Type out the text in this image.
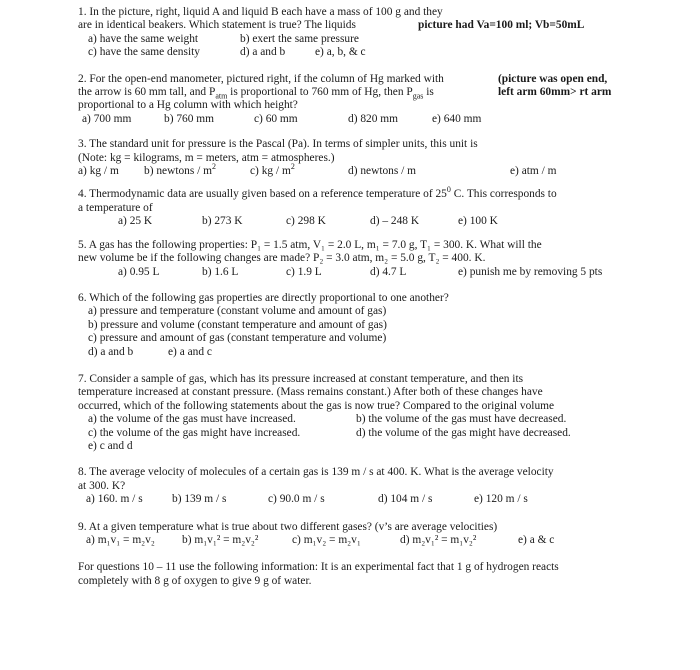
1. In the picture, right, liquid A and liquid B each have a mass of 100 g and they
are in identical beakers. Which statement is true? The liquids	picture had Va=100 ml; Vb=50mL
a) have the same weight	b) exert the same pressure
c) have the same density	d) a and b	e) a, b, & c
2. For the open-end manometer, pictured right, if the column of Hg marked with	(picture was open end,
the arrow is 60 mm tall, and $P_{atm}$ is proportional to 760 mm of Hg, then $P_{gas}$ is	left arm 60mm> rt arm
proportional to a Hg column with which height?
a) 700 mm	b) 760 mm	c) 60 mm	d) 820 mm	e) 640 mm
3. The standard unit for pressure is the Pascal (Pa). In terms of simpler units, this unit is
(Note: kg = kilograms, m = meters, atm = atmospheres.)
a) kg / m	b) newtons / $m^2$	c) kg / $m^2$	d) newtons / m	e) atm / m
4. Thermodynamic data are usually given based on a reference temperature of $25^0$ C. This corresponds to
a temperature of
a) 25 K	b) 273 K	c) 298 K	d) – 248 K	e) 100 K
5. A gas has the following properties: P₁ = 1.5 atm, V₁ = 2.0 L, m₁ = 7.0 g, T₁ = 300. K. What will the
new volume be if the following changes are made? P₂ = 3.0 atm, m₂ = 5.0 g, T₂ = 400. K.
a) 0.95 L	b) 1.6 L	c) 1.9 L	d) 4.7 L	e) punish me by removing 5 pts
6. Which of the following gas properties are directly proportional to one another?
a) pressure and temperature (constant volume and amount of gas)
b) pressure and volume (constant temperature and amount of gas)
c) pressure and amount of gas (constant temperature and volume)
d) a and b	e) a and c
7. Consider a sample of gas, which has its pressure increased at constant temperature, and then its
temperature increased at constant pressure. (Mass remains constant.) After both of these changes have
occurred, which of the following statements about the gas is now true? Compared to the original volume
a) the volume of the gas must have increased.	b) the volume of the gas must have decreased.
c) the volume of the gas might have increased.	d) the volume of the gas might have decreased.
e) c and d
8. The average velocity of molecules of a certain gas is 139 m / s at 400. K. What is the average velocity
at 300. K?
a) 160. m / s	b) 139 m / s	c) 90.0 m / s	d) 104 m / s	e) 120 m / s
9. At a given temperature what is true about two different gases? (v’s are average velocities)
a) m₁v₁ = m₂v₂	b) m₁v₁² = m₂v₂²	c) m₁v₂ = m₂v₁	d) m₂v₁² = m₁v₂²	e) a & c
For questions 10 – 11 use the following information: It is an experimental fact that 1 g of hydrogen reacts
completely with 8 g of oxygen to give 9 g of water.
